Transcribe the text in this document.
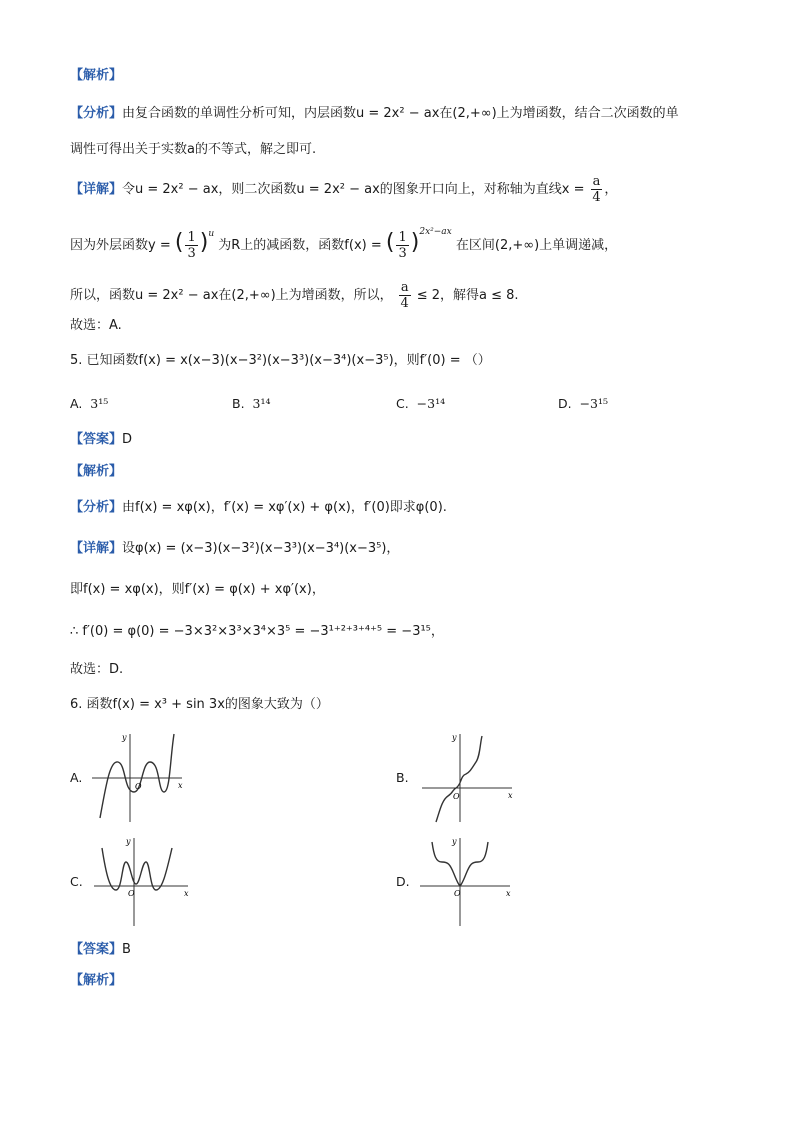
【解析】
【分析】由复合函数的单调性分析可知，内层函数u = 2x² − ax在(2,+∞)上为增函数，结合二次函数的单
调性可得出关于实数a的不等式，解之即可.
【详解】令u = 2x² − ax，则二次函数u = 2x² − ax的图象开口向上，对称轴为直线$x = \frac{a}{4}$ ，
因为外层函数y = ( $\frac{1}{3} )^u$ 为R上的减函数，函数f(x) = ( $\frac{1}{3} )^{2x^2-ax}$ 在区间(2,+∞)上单调递减，
所以，函数u = 2x² − ax在(2,+∞)上为增函数，所以， $\frac{a}{4} \le 2$，解得a ≤ 8.
故选：A.
5. 已知函数f(x) = x(x−3)(x−3²)(x−3³)(x−3⁴)(x−3⁵)，则f′(0) = （）
A. 3¹⁵	B. 3¹⁴	C. −3¹⁴	D. −3¹⁵
【答案】D
【解析】
【分析】由f(x) = xφ(x)，f′(x) = xφ′(x) + φ(x)，f′(0)即求φ(0).
【详解】设φ(x) = (x−3)(x−3²)(x−3³)(x−3⁴)(x−3⁵)，
即f(x) = xφ(x)，则f′(x) = φ(x) + xφ′(x)，
∴ f′(0) = φ(0) = −3×3²×3³×3⁴×3⁵ = −3¹⁺²⁺³⁺⁴⁺⁵ = −3¹⁵，
故选：D.
6. 函数f(x) = x³ + sin 3x的图象大致为（）
A.
x
y
O
B.
x
y
O
C.
x
y
O
D.
x
y
O
【答案】B
【解析】
